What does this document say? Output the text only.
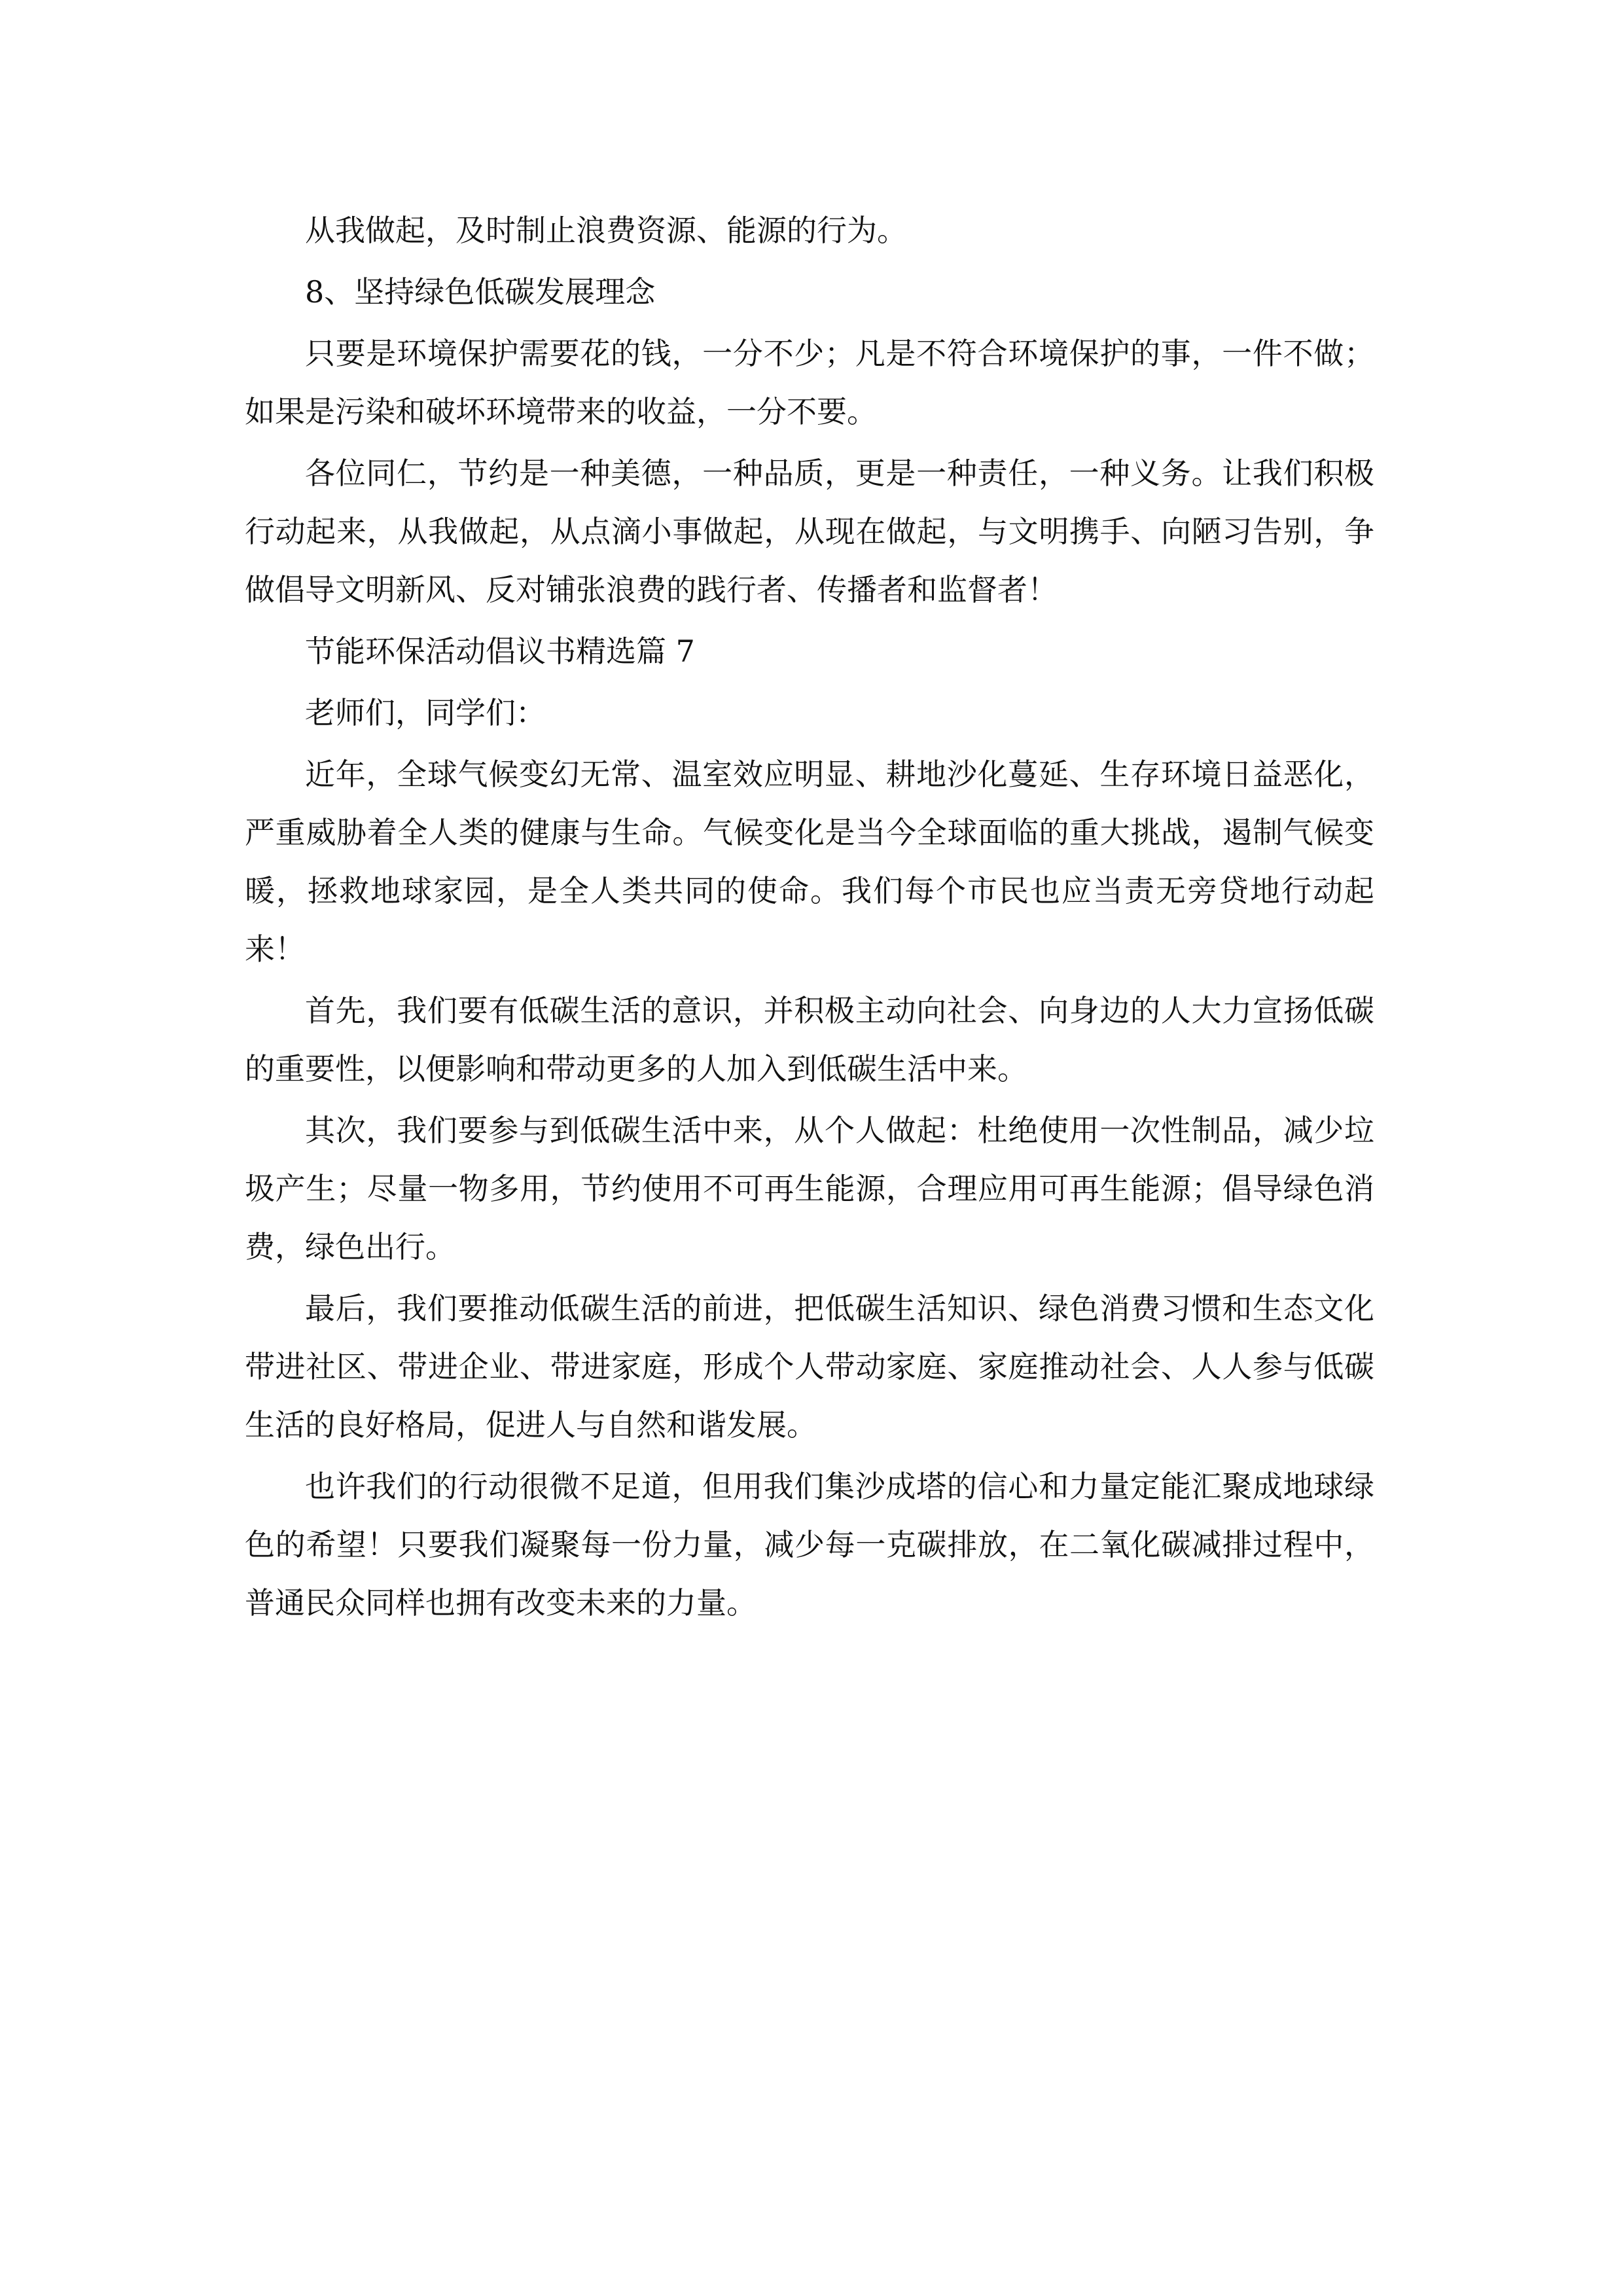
从我做起，及时制止浪费资源、能源的行为。

8、坚持绿色低碳发展理念

只要是环境保护需要花的钱，一分不少；凡是不符合环境保护的事，一件不做；如果是污染和破坏环境带来的收益，一分不要。

各位同仁，节约是一种美德，一种品质，更是一种责任，一种义务。让我们积极行动起来，从我做起，从点滴小事做起，从现在做起，与文明携手、向陋习告别，争做倡导文明新风、反对铺张浪费的践行者、传播者和监督者！

节能环保活动倡议书精选篇 7

老师们，同学们：

近年，全球气候变幻无常、温室效应明显、耕地沙化蔓延、生存环境日益恶化，严重威胁着全人类的健康与生命。气候变化是当今全球面临的重大挑战，遏制气候变暖，拯救地球家园，是全人类共同的使命。我们每个市民也应当责无旁贷地行动起来！

首先，我们要有低碳生活的意识，并积极主动向社会、向身边的人大力宣扬低碳的重要性，以便影响和带动更多的人加入到低碳生活中来。

其次，我们要参与到低碳生活中来，从个人做起：杜绝使用一次性制品，减少垃圾产生；尽量一物多用，节约使用不可再生能源，合理应用可再生能源；倡导绿色消费，绿色出行。

最后，我们要推动低碳生活的前进，把低碳生活知识、绿色消费习惯和生态文化带进社区、带进企业、带进家庭，形成个人带动家庭、家庭推动社会、人人参与低碳生活的良好格局，促进人与自然和谐发展。

也许我们的行动很微不足道，但用我们集沙成塔的信心和力量定能汇聚成地球绿色的希望！只要我们凝聚每一份力量，减少每一克碳排放，在二氧化碳减排过程中，普通民众同样也拥有改变未来的力量。
